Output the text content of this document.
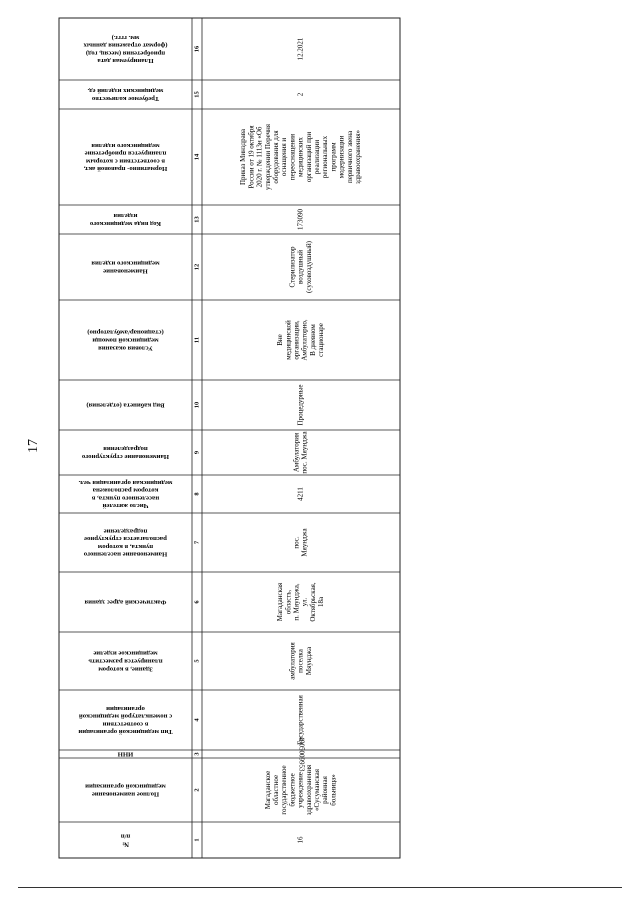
17
№
п/п
1	16
Полное наименование
медицинской организации
2	Магаданское областное государственное бюджетное учреждение здравоохранения «Сусуманская районная больница»
ИНН	3	4905009953
Тип медицинской организации
в соответствии
с номенклатурой медицинской
организации
4	Государственная
Здание, в котором
планируется разместить
медицинское изделие
5	амбулатория поселка Мяунджа
Фактический адрес здания	6	Магаданская область, п. Мяунджа, ул. Октябрьская, 18а
Наименование населенного
пункта, в котором
располагается структурное
подразделение
7	пос. Мяунджа
Число жителей
населенного пункта, в
котором расположена
медицинская организация чел.
8	4211
Наименование структурного
подразделения
9	Амбулатория пос. Мяунджа
Вид кабинета (отделения)	10	Процедурные
Условия оказания
медицинской помощи
(стационар/амбулаторно)
11	Вне медицинской организации, Амбулаторно, В дневном стационаре
Наименование
медицинского изделия
12	Стерилизатор воздушный (суховоздушный)
Код вида медицинского
изделия
13	173090
Нормативно- правовой акт,
в соответствии с которым
планируется приобретение
медицинского изделия
14	Приказ Минздрава России от 19 октября 2020 г. № 1113н «Об утверждении Перечня оборудования для оснащения и переоснащения медицинских организаций при реализации региональных программ модернизации первичного звена здравоохранения»
Требуемое количество
медицинских изделий ед.
15	2
Планируемая дата
приобретения (месяц, год)
(формат отражения данных
мм. гггг.)
16	12.2021
